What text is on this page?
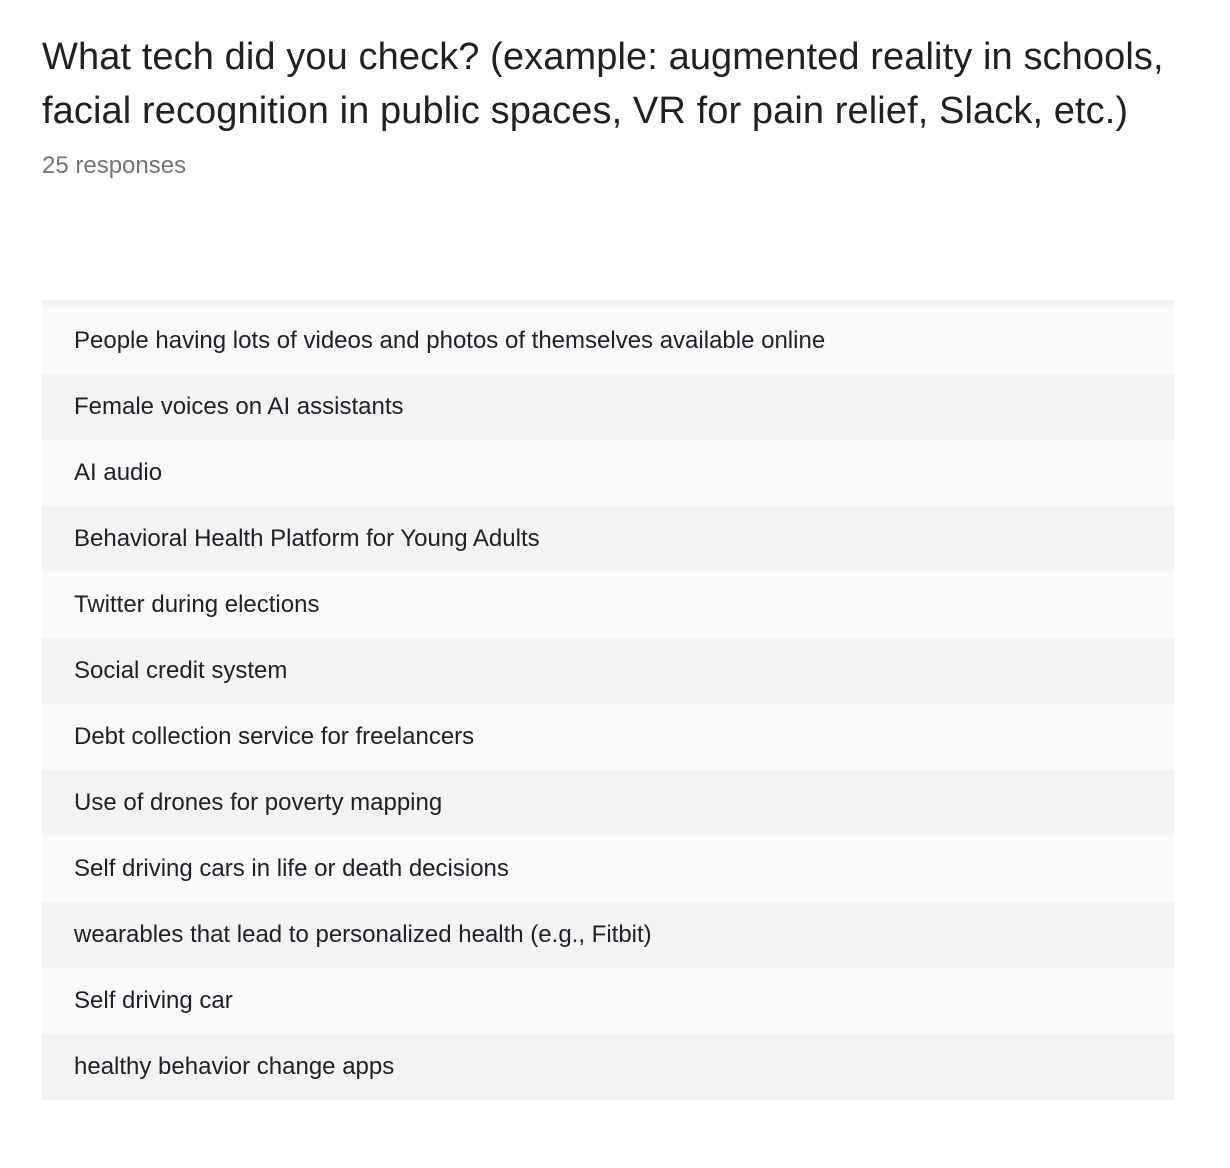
What tech did you check? (example: augmented reality in schools, facial recognition in public spaces, VR for pain relief, Slack, etc.)
25 responses
People having lots of videos and photos of themselves available online
Female voices on AI assistants
AI audio
Behavioral Health Platform for Young Adults
Twitter during elections
Social credit system
Debt collection service for freelancers
Use of drones for poverty mapping
Self driving cars in life or death decisions
wearables that lead to personalized health (e.g., Fitbit)
Self driving car
healthy behavior change apps
